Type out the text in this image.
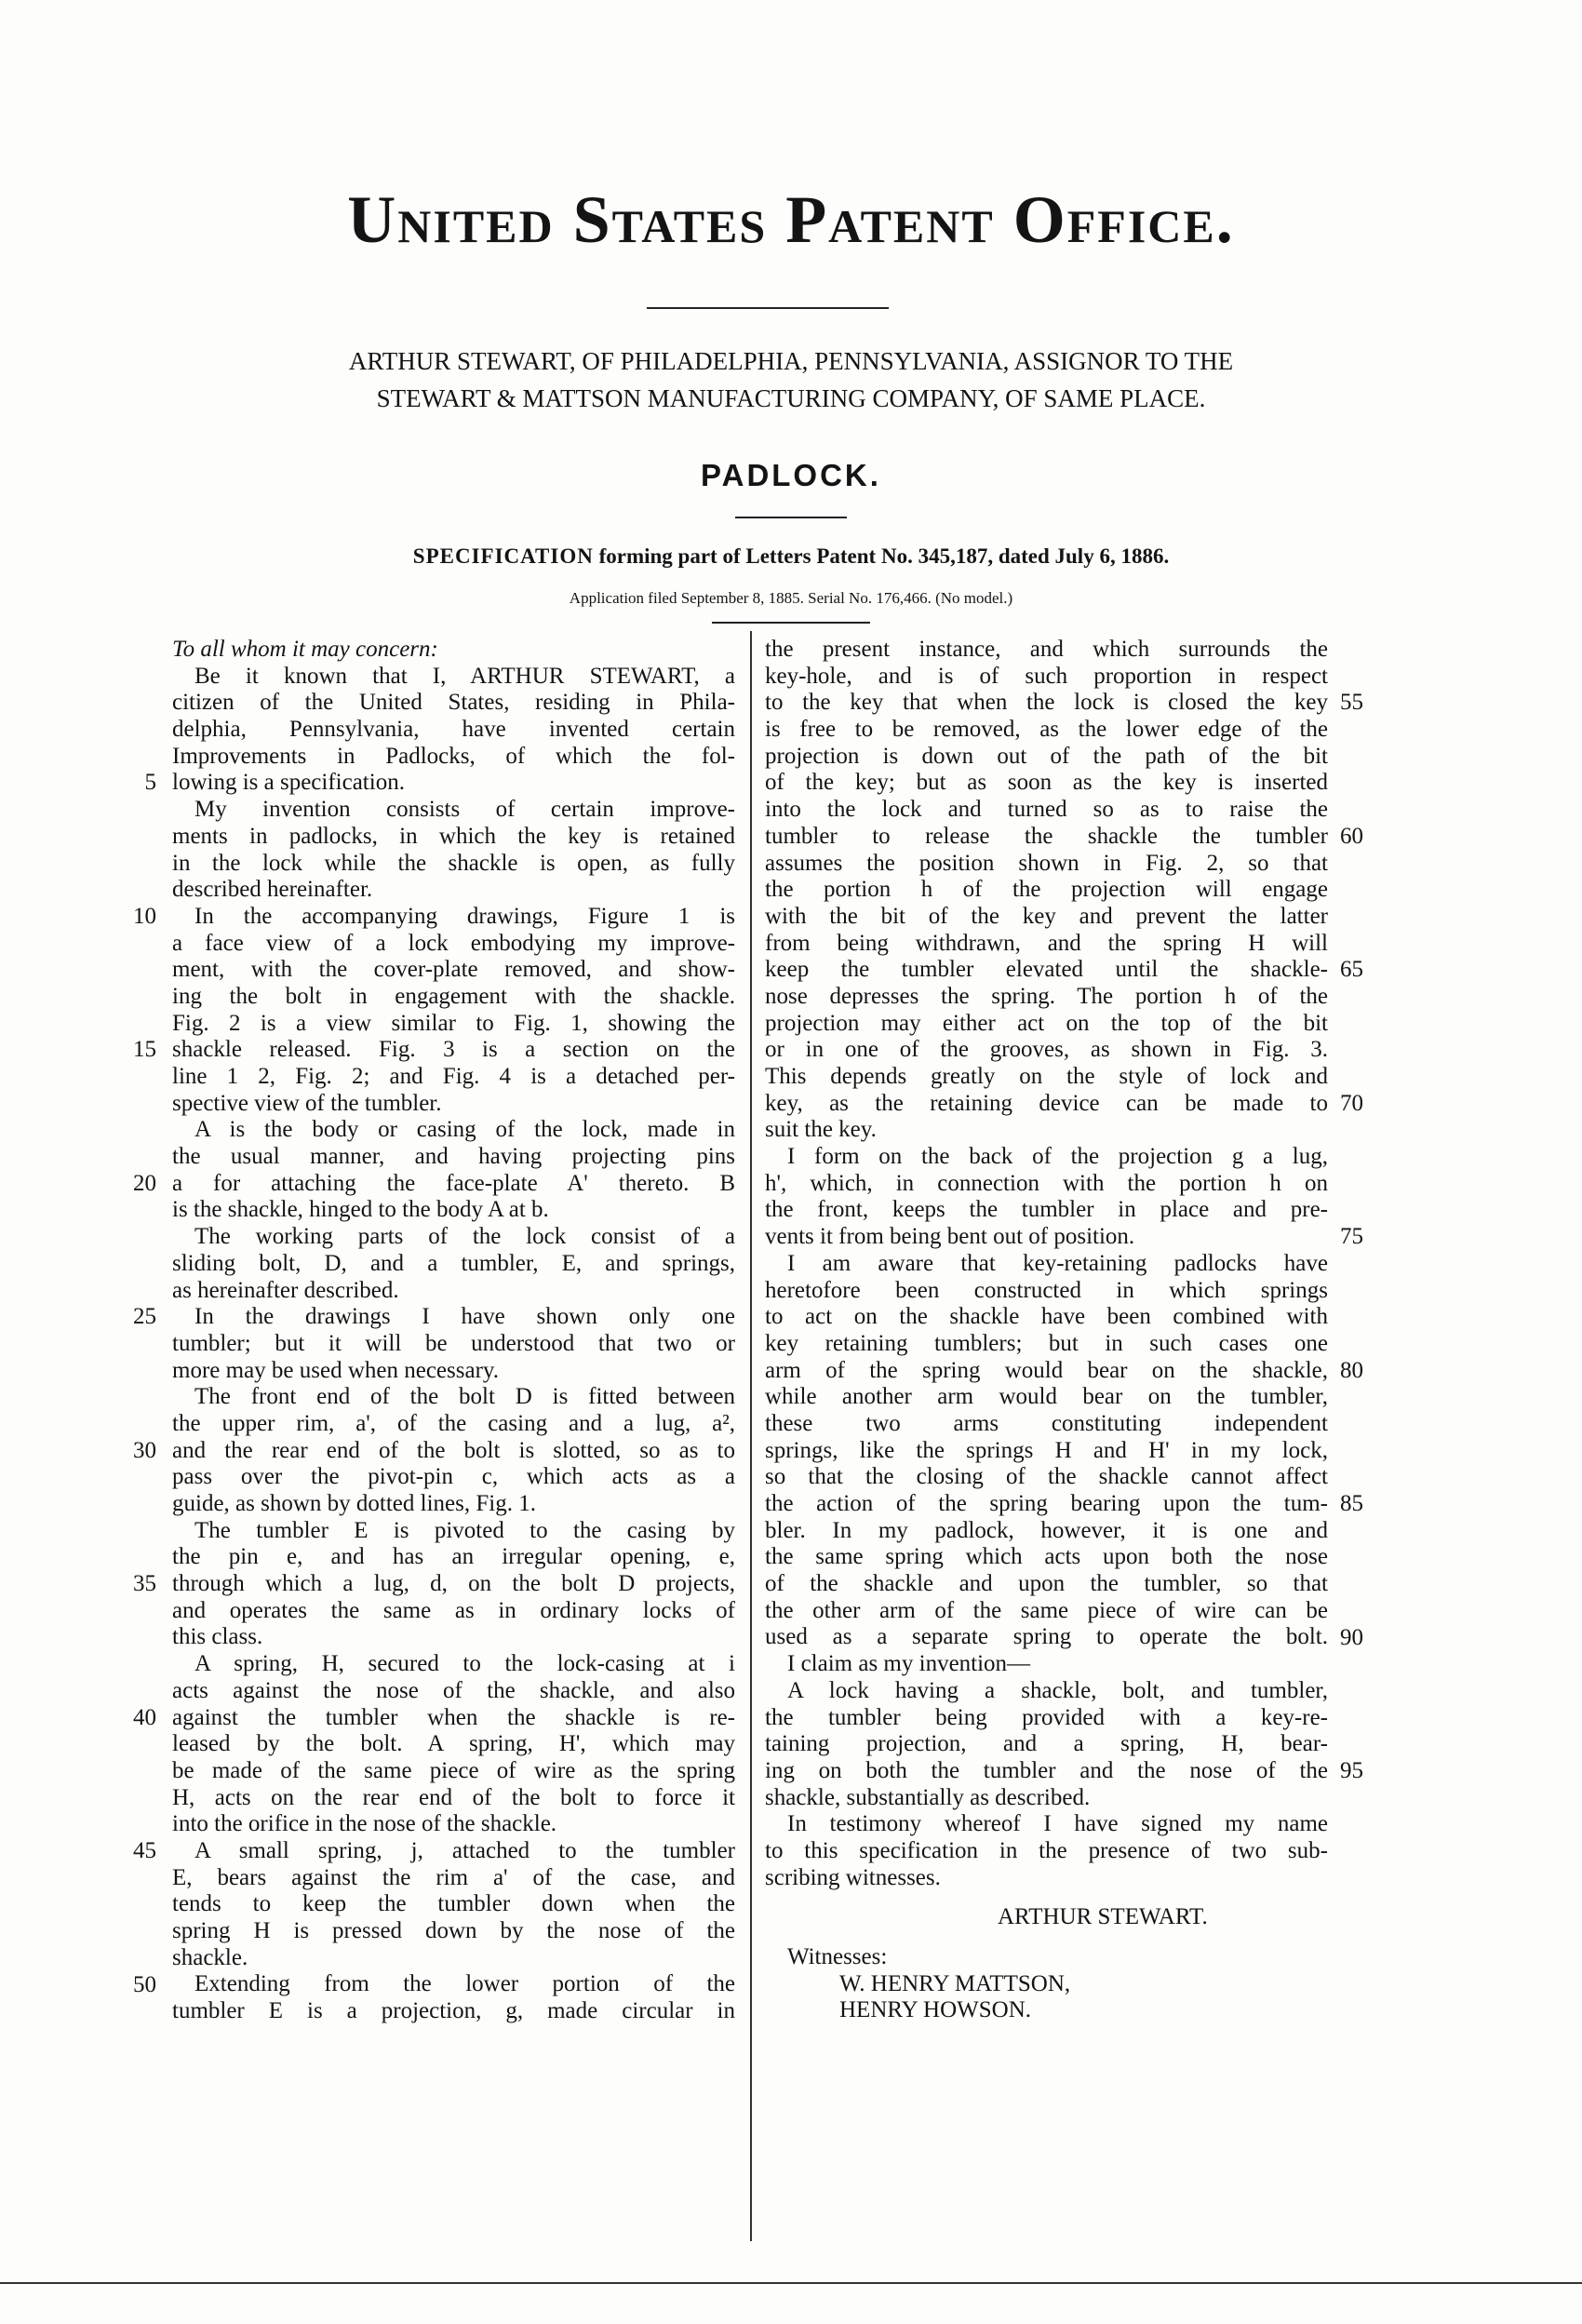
United States Patent Office.
ARTHUR STEWART, OF PHILADELPHIA, PENNSYLVANIA, ASSIGNOR TO THE
STEWART & MATTSON MANUFACTURING COMPANY, OF SAME PLACE.
PADLOCK.
SPECIFICATION forming part of Letters Patent No. 345,187, dated July 6, 1886.
Application filed September 8, 1885. Serial No. 176,466. (No model.)
To all whom it may concern:
Be it known that I, ARTHUR STEWART, a
citizen of the United States, residing in Phila-
delphia, Pennsylvania, have invented certain
Improvements in Padlocks, of which the fol-
lowing is a specification.
My invention consists of certain improve-
ments in padlocks, in which the key is retained
in the lock while the shackle is open, as fully
described hereinafter.
In the accompanying drawings, Figure 1 is
a face view of a lock embodying my improve-
ment, with the cover-plate removed, and show-
ing the bolt in engagement with the shackle.
Fig. 2 is a view similar to Fig. 1, showing the
shackle released. Fig. 3 is a section on the
line 1 2, Fig. 2; and Fig. 4 is a detached per-
spective view of the tumbler.
A is the body or casing of the lock, made in
the usual manner, and having projecting pins
a for attaching the face-plate A' thereto. B
is the shackle, hinged to the body A at b.
The working parts of the lock consist of a
sliding bolt, D, and a tumbler, E, and springs,
as hereinafter described.
In the drawings I have shown only one
tumbler; but it will be understood that two or
more may be used when necessary.
The front end of the bolt D is fitted between
the upper rim, a', of the casing and a lug, a²,
and the rear end of the bolt is slotted, so as to
pass over the pivot-pin c, which acts as a
guide, as shown by dotted lines, Fig. 1.
The tumbler E is pivoted to the casing by
the pin e, and has an irregular opening, e,
through which a lug, d, on the bolt D projects,
and operates the same as in ordinary locks of
this class.
A spring, H, secured to the lock-casing at i
acts against the nose of the shackle, and also
against the tumbler when the shackle is re-
leased by the bolt. A spring, H', which may
be made of the same piece of wire as the spring
H, acts on the rear end of the bolt to force it
into the orifice in the nose of the shackle.
A small spring, j, attached to the tumbler
E, bears against the rim a' of the case, and
tends to keep the tumbler down when the
spring H is pressed down by the nose of the
shackle.
Extending from the lower portion of the
tumbler E is a projection, g, made circular in
the present instance, and which surrounds the
key-hole, and is of such proportion in respect
to the key that when the lock is closed the key
is free to be removed, as the lower edge of the
projection is down out of the path of the bit
of the key; but as soon as the key is inserted
into the lock and turned so as to raise the
tumbler to release the shackle the tumbler
assumes the position shown in Fig. 2, so that
the portion h of the projection will engage
with the bit of the key and prevent the latter
from being withdrawn, and the spring H will
keep the tumbler elevated until the shackle-
nose depresses the spring. The portion h of the
projection may either act on the top of the bit
or in one of the grooves, as shown in Fig. 3.
This depends greatly on the style of lock and
key, as the retaining device can be made to
suit the key.
I form on the back of the projection g a lug,
h', which, in connection with the portion h on
the front, keeps the tumbler in place and pre-
vents it from being bent out of position.
I am aware that key-retaining padlocks have
heretofore been constructed in which springs
to act on the shackle have been combined with
key retaining tumblers; but in such cases one
arm of the spring would bear on the shackle,
while another arm would bear on the tumbler,
these two arms constituting independent
springs, like the springs H and H' in my lock,
so that the closing of the shackle cannot affect
the action of the spring bearing upon the tum-
bler. In my padlock, however, it is one and
the same spring which acts upon both the nose
of the shackle and upon the tumbler, so that
the other arm of the same piece of wire can be
used as a separate spring to operate the bolt.
I claim as my invention—
A lock having a shackle, bolt, and tumbler,
the tumbler being provided with a key-re-
taining projection, and a spring, H, bear-
ing on both the tumbler and the nose of the
shackle, substantially as described.
In testimony whereof I have signed my name
to this specification in the presence of two sub-
scribing witnesses.
ARTHUR STEWART.
Witnesses:
W. HENRY MATTSON,
HENRY HOWSON.
5
10
15
20
25
30
35
40
45
50
55
60
65
70
75
80
85
90
95
